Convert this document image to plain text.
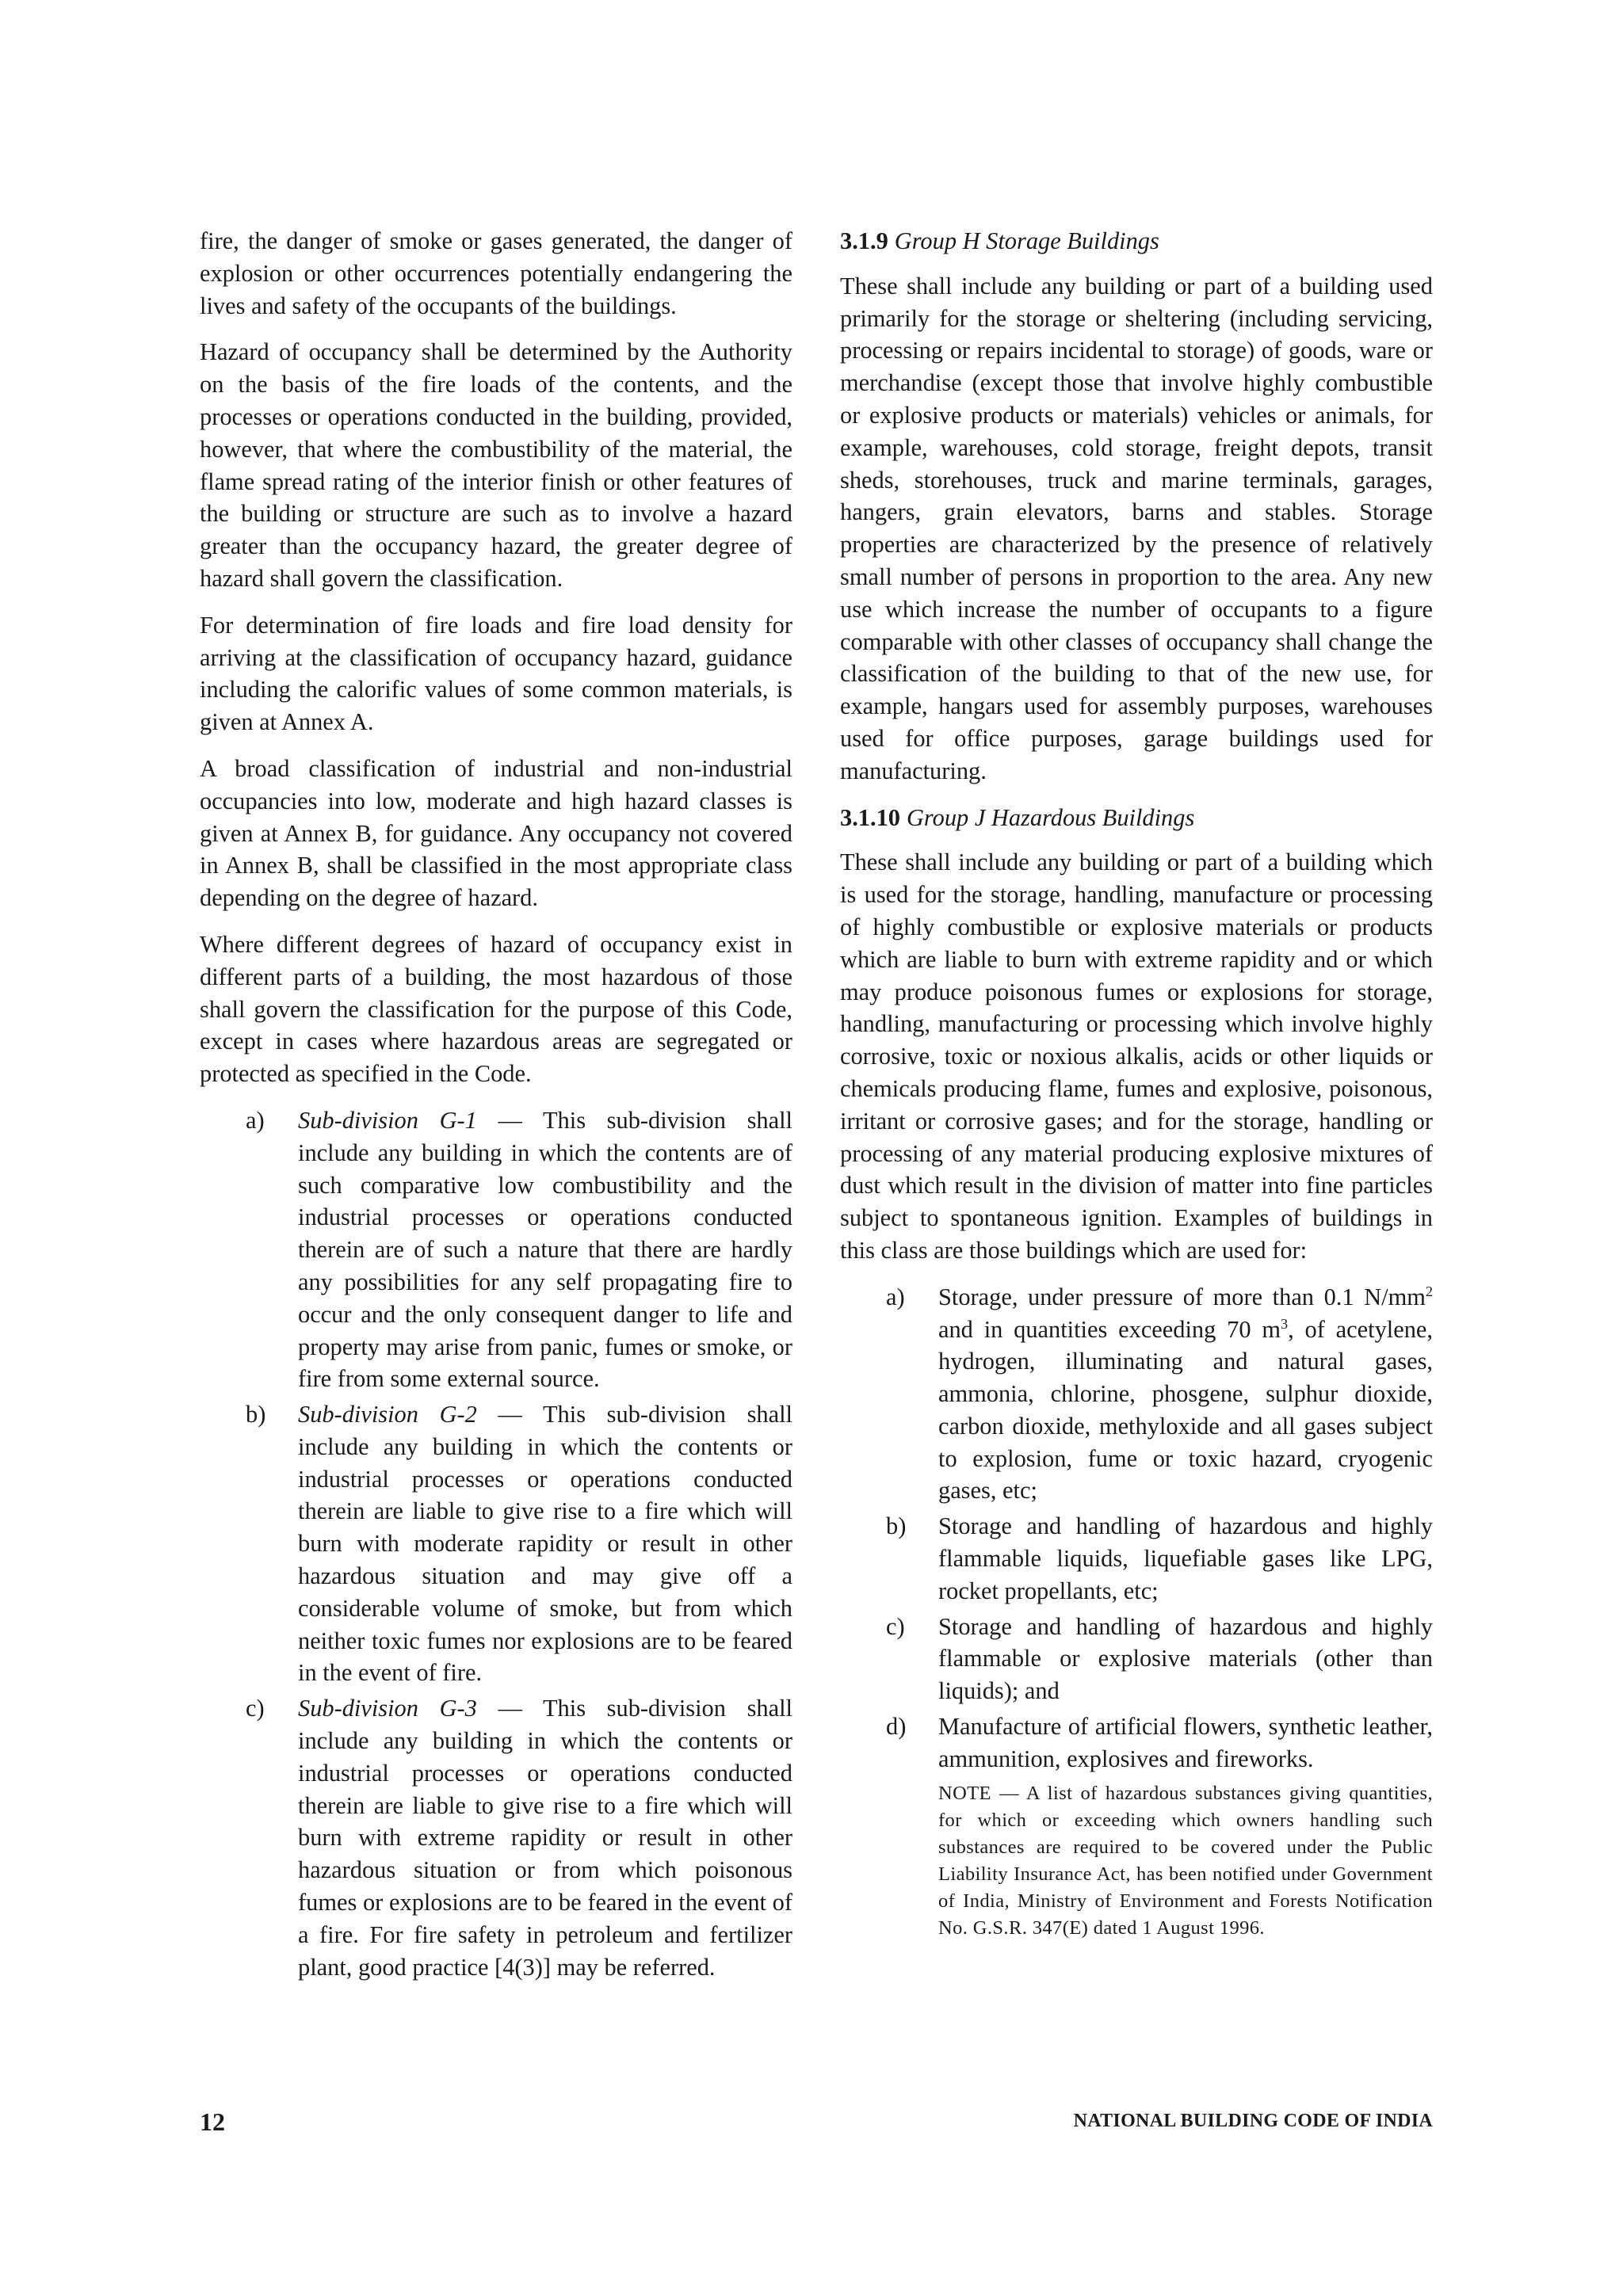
fire, the danger of smoke or gases generated, the danger of explosion or other occurrences potentially endangering the lives and safety of the occupants of the buildings.

Hazard of occupancy shall be determined by the Authority on the basis of the fire loads of the contents, and the processes or operations conducted in the building, provided, however, that where the combustibility of the material, the flame spread rating of the interior finish or other features of the building or structure are such as to involve a hazard greater than the occupancy hazard, the greater degree of hazard shall govern the classification.

For determination of fire loads and fire load density for arriving at the classification of occupancy hazard, guidance including the calorific values of some common materials, is given at Annex A.

A broad classification of industrial and non-industrial occupancies into low, moderate and high hazard classes is given at Annex B, for guidance. Any occupancy not covered in Annex B, shall be classified in the most appropriate class depending on the degree of hazard.

Where different degrees of hazard of occupancy exist in different parts of a building, the most hazardous of those shall govern the classification for the purpose of this Code, except in cases where hazardous areas are segregated or protected as specified in the Code.

a) Sub-division G-1 — This sub-division shall include any building in which the contents are of such comparative low combustibility and the industrial processes or operations conducted therein are of such a nature that there are hardly any possibilities for any self propagating fire to occur and the only consequent danger to life and property may arise from panic, fumes or smoke, or fire from some external source.
b) Sub-division G-2 — This sub-division shall include any building in which the contents or industrial processes or operations conducted therein are liable to give rise to a fire which will burn with moderate rapidity or result in other hazardous situation and may give off a considerable volume of smoke, but from which neither toxic fumes nor explosions are to be feared in the event of fire.
c) Sub-division G-3 — This sub-division shall include any building in which the contents or industrial processes or operations conducted therein are liable to give rise to a fire which will burn with extreme rapidity or result in other hazardous situation or from which poisonous fumes or explosions are to be feared in the event of a fire. For fire safety in petroleum and fertilizer plant, good practice [4(3)] may be referred.
3.1.9 Group H Storage Buildings

These shall include any building or part of a building used primarily for the storage or sheltering (including servicing, processing or repairs incidental to storage) of goods, ware or merchandise (except those that involve highly combustible or explosive products or materials) vehicles or animals, for example, warehouses, cold storage, freight depots, transit sheds, storehouses, truck and marine terminals, garages, hangers, grain elevators, barns and stables. Storage properties are characterized by the presence of relatively small number of persons in proportion to the area. Any new use which increase the number of occupants to a figure comparable with other classes of occupancy shall change the classification of the building to that of the new use, for example, hangars used for assembly purposes, warehouses used for office purposes, garage buildings used for manufacturing.

3.1.10 Group J Hazardous Buildings

These shall include any building or part of a building which is used for the storage, handling, manufacture or processing of highly combustible or explosive materials or products which are liable to burn with extreme rapidity and or which may produce poisonous fumes or explosions for storage, handling, manufacturing or processing which involve highly corrosive, toxic or noxious alkalis, acids or other liquids or chemicals producing flame, fumes and explosive, poisonous, irritant or corrosive gases; and for the storage, handling or processing of any material producing explosive mixtures of dust which result in the division of matter into fine particles subject to spontaneous ignition. Examples of buildings in this class are those buildings which are used for:

a) Storage, under pressure of more than 0.1 $N/mm^2$ and in quantities exceeding 70 $m^3$, of acetylene, hydrogen, illuminating and natural gases, ammonia, chlorine, phosgene, sulphur dioxide, carbon dioxide, methyloxide and all gases subject to explosion, fume or toxic hazard, cryogenic gases, etc;
b) Storage and handling of hazardous and highly flammable liquids, liquefiable gases like LPG, rocket propellants, etc;
c) Storage and handling of hazardous and highly flammable or explosive materials (other than liquids); and
d) Manufacture of artificial flowers, synthetic leather, ammunition, explosives and fireworks.

NOTE — A list of hazardous substances giving quantities, for which or exceeding which owners handling such substances are required to be covered under the Public Liability Insurance Act, has been notified under Government of India, Ministry of Environment and Forests Notification No. G.S.R. 347(E) dated 1 August 1996.

12	NATIONAL BUILDING CODE OF INDIA
